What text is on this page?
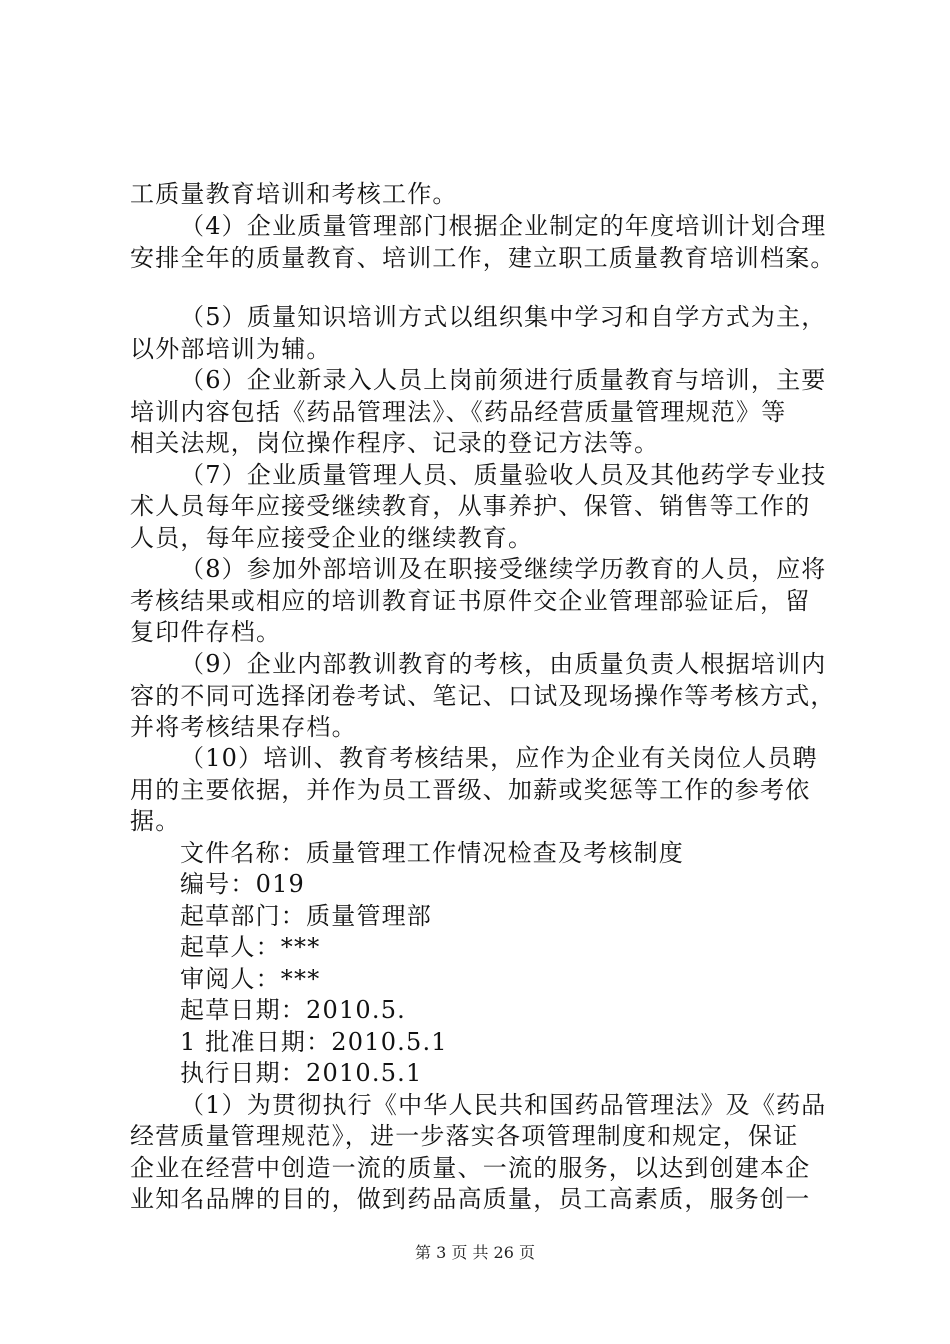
工质量教育培训和考核工作。
（4）企业质量管理部门根据企业制定的年度培训计划合理
安排全年的质量教育、培训工作，建立职工质量教育培训档案。
（5）质量知识培训方式以组织集中学习和自学方式为主，
以外部培训为辅。
（6）企业新录入人员上岗前须进行质量教育与培训，主要
培训内容包括《药品管理法》、《药品经营质量管理规范》等
相关法规，岗位操作程序、记录的登记方法等。
（7）企业质量管理人员、质量验收人员及其他药学专业技
术人员每年应接受继续教育，从事养护、保管、销售等工作的
人员，每年应接受企业的继续教育。
（8）参加外部培训及在职接受继续学历教育的人员，应将
考核结果或相应的培训教育证书原件交企业管理部验证后，留
复印件存档。
（9）企业内部教训教育的考核，由质量负责人根据培训内
容的不同可选择闭卷考试、笔记、口试及现场操作等考核方式，
并将考核结果存档。
（10）培训、教育考核结果，应作为企业有关岗位人员聘
用的主要依据，并作为员工晋级、加薪或奖惩等工作的参考依
据。
文件名称：质量管理工作情况检查及考核制度
编号：019
起草部门：质量管理部
起草人：***
审阅人：***
起草日期：2010.5.
1 批准日期：2010.5.1
执行日期：2010.5.1
（1）为贯彻执行《中华人民共和国药品管理法》及《药品
经营质量管理规范》，进一步落实各项管理制度和规定，保证
企业在经营中创造一流的质量、一流的服务，以达到创建本企
业知名品牌的目的，做到药品高质量，员工高素质，服务创一
第 3 页 共 26 页
